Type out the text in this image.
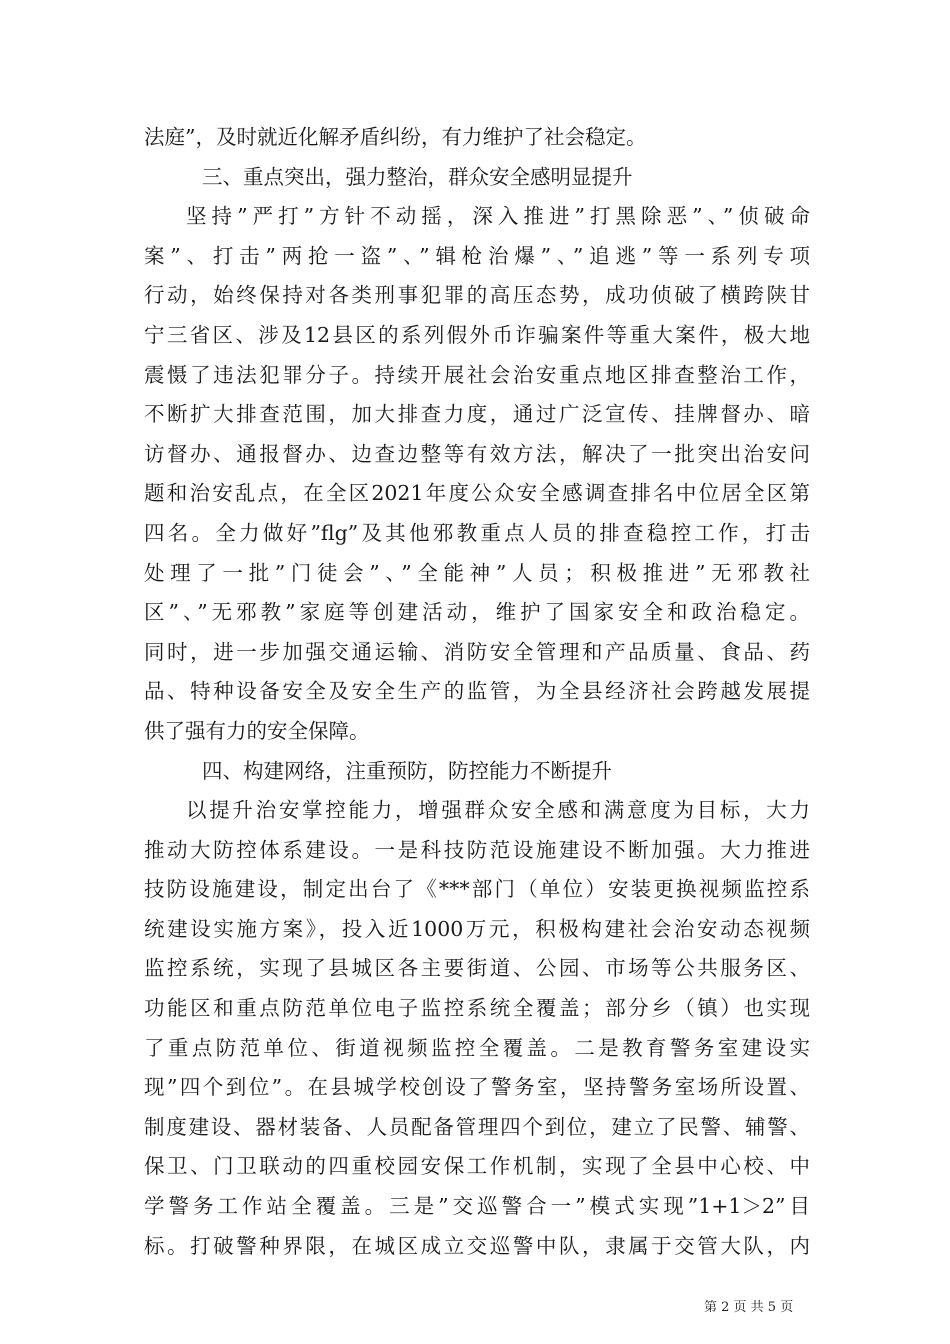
法庭”，及时就近化解矛盾纠纷，有力维护了社会稳定。
三、重点突出，强力整治，群众安全感明显提升
坚持”严打”方针不动摇，深入推进”打黑除恶”、”侦破命
案”、打击”两抢一盗”、”辑枪治爆”、”追逃”等一系列专项
行动，始终保持对各类刑事犯罪的高压态势，成功侦破了横跨陕甘
宁三省区、涉及12县区的系列假外币诈骗案件等重大案件，极大地
震慑了违法犯罪分子。持续开展社会治安重点地区排查整治工作，
不断扩大排查范围，加大排查力度，通过广泛宣传、挂牌督办、暗
访督办、通报督办、边查边整等有效方法，解决了一批突出治安问
题和治安乱点，在全区2021年度公众安全感调查排名中位居全区第
四名。全力做好”flg”及其他邪教重点人员的排查稳控工作，打击
处理了一批”门徒会”、”全能神”人员；积极推进”无邪教社
区”、”无邪教”家庭等创建活动，维护了国家安全和政治稳定。
同时，进一步加强交通运输、消防安全管理和产品质量、食品、药
品、特种设备安全及安全生产的监管，为全县经济社会跨越发展提
供了强有力的安全保障。
四、构建网络，注重预防，防控能力不断提升
以提升治安掌控能力，增强群众安全感和满意度为目标，大力
推动大防控体系建设。一是科技防范设施建设不断加强。大力推进
技防设施建设，制定出台了《***部门（单位）安装更换视频监控系
统建设实施方案》，投入近1000万元，积极构建社会治安动态视频
监控系统，实现了县城区各主要街道、公园、市场等公共服务区、
功能区和重点防范单位电子监控系统全覆盖；部分乡（镇）也实现
了重点防范单位、街道视频监控全覆盖。二是教育警务室建设实
现”四个到位”。在县城学校创设了警务室，坚持警务室场所设置、
制度建设、器材装备、人员配备管理四个到位，建立了民警、辅警、
保卫、门卫联动的四重校园安保工作机制，实现了全县中心校、中
学警务工作站全覆盖。三是”交巡警合一”模式实现”1+1＞2”目
标。打破警种界限，在城区成立交巡警中队，隶属于交管大队，内
第 2 页 共 5 页
